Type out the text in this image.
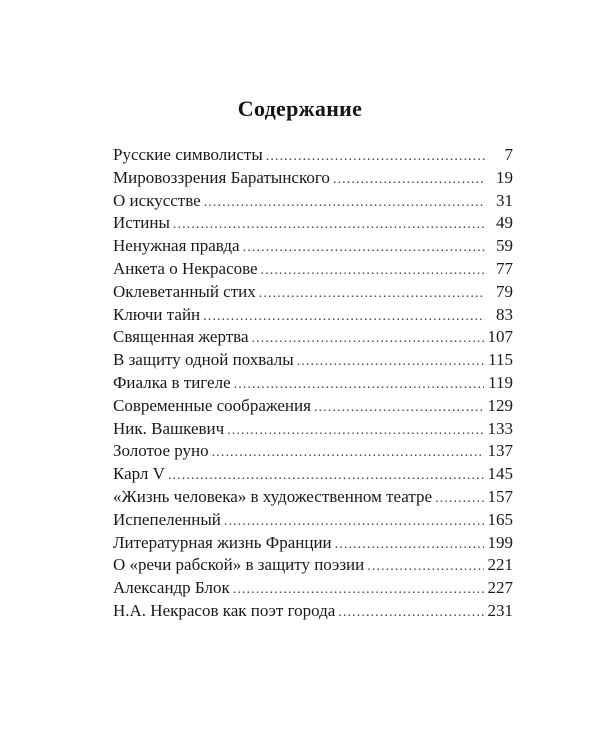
Содержание
Русские символисты . . .	7
Мировоззрения Баратынского . . .	19
О искусстве . . .	31
Истины . . .	49
Ненужная правда . . .	59
Анкета о Некрасове . . .	77
Оклеветанный стих . . .	79
Ключи тайн . . .	83
Священная жертва . . .	107
В защиту одной похвалы . . .	115
Фиалка в тигеле . . .	119
Современные соображения . . .	129
Ник. Вашкевич . . .	133
Золотое руно . . .	137
Карл V . . .	145
«Жизнь человека» в художественном театре . . .	157
Испепеленный . . .	165
Литературная жизнь Франции . . .	199
О «речи рабской» в защиту поэзии . . .	221
Александр Блок . . .	227
Н.А. Некрасов как поэт города . . .	231
